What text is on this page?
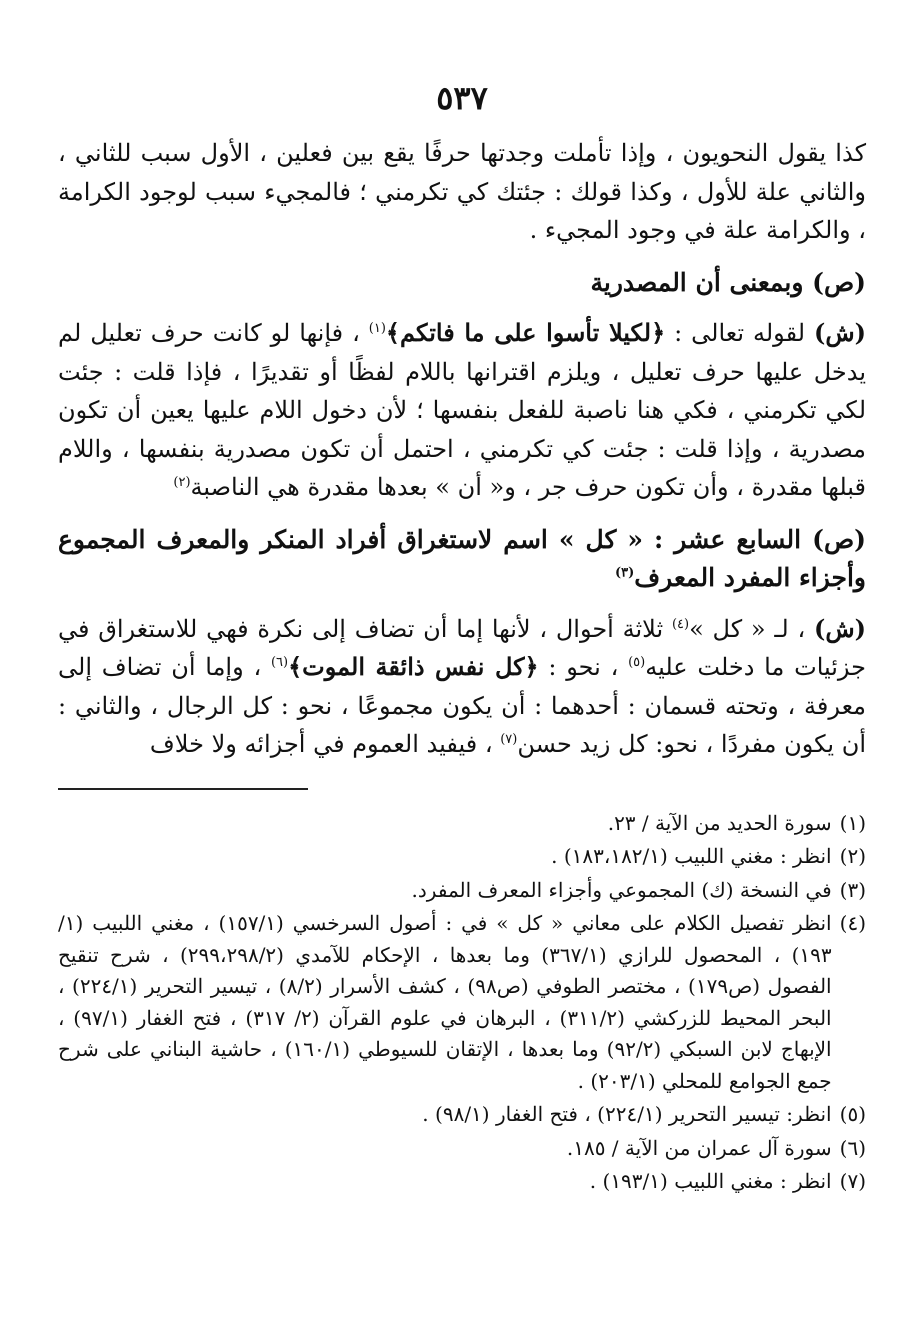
٥٣٧

كذا يقول النحويون ، وإذا تأملت وجدتها حرفًا يقع بين فعلين ، الأول سبب للثاني ، والثاني علة للأول ، وكذا قولك : جئتك كي تكرمني ؛ فالمجيء سبب لوجود الكرامة ، والكرامة علة في وجود المجيء .

(ص) وبمعنى أن المصدرية

(ش) لقوله تعالى : ﴿لكيلا تأسوا على ما فاتكم﴾$^{(١)}$ ، فإنها لو كانت حرف تعليل لم يدخل عليها حرف تعليل ، ويلزم اقترانها باللام لفظًا أو تقديرًا ، فإذا قلت : جئت لكي تكرمني ، فكي هنا ناصبة للفعل بنفسها ؛ لأن دخول اللام عليها يعين أن تكون مصدرية ، وإذا قلت : جئت كي تكرمني ، احتمل أن تكون مصدرية بنفسها ، واللام قبلها مقدرة ، وأن تكون حرف جر ، و« أن » بعدها مقدرة هي الناصبة$^{(٢)}$

(ص) السابع عشر : « كل » اسم لاستغراق أفراد المنكر والمعرف المجموع وأجزاء المفرد المعرف$^{(٣)}$

(ش) ، لـ « كل »$^{(٤)}$ ثلاثة أحوال ، لأنها إما أن تضاف إلى نكرة فهي للاستغراق في جزئيات ما دخلت عليه$^{(٥)}$ ، نحو : ﴿كل نفس ذائقة الموت﴾$^{(٦)}$ ، وإما أن تضاف إلى معرفة ، وتحته قسمان : أحدهما : أن يكون مجموعًا ، نحو : كل الرجال ، والثاني : أن يكون مفردًا ، نحو: كل زيد حسن$^{(٧)}$ ، فيفيد العموم في أجزائه ولا خلاف

(١)
سورة الحديد من الآية / ٢٣.
(٢)
انظر : مغني اللبيب (١٨٣،١٨٢/١) .
(٣)
في النسخة (ك) المجموعي وأجزاء المعرف المفرد.
(٤)
انظر تفصيل الكلام على معاني « كل » في : أصول السرخسي (١٥٧/١) ، مغني اللبيب (١/ ١٩٣) ، المحصول للرازي (٣٦٧/١) وما بعدها ، الإحكام للآمدي (٢٩٩،٢٩٨/٢) ، شرح تنقيح الفصول (ص١٧٩) ، مختصر الطوفي (ص٩٨) ، كشف الأسرار (٨/٢) ، تيسير التحرير (٢٢٤/١) ، البحر المحيط للزركشي (٣١١/٢) ، البرهان في علوم القرآن (٢/ ٣١٧) ، فتح الغفار (٩٧/١) ، الإبهاج لابن السبكي (٩٢/٢) وما بعدها ، الإتقان للسيوطي (١٦٠/١) ، حاشية البناني على شرح جمع الجوامع للمحلي (٢٠٣/١) .
(٥)
انظر: تيسير التحرير (٢٢٤/١) ، فتح الغفار (٩٨/١) .
(٦)
سورة آل عمران من الآية / ١٨٥.
(٧)
انظر : مغني اللبيب (١٩٣/١) .
